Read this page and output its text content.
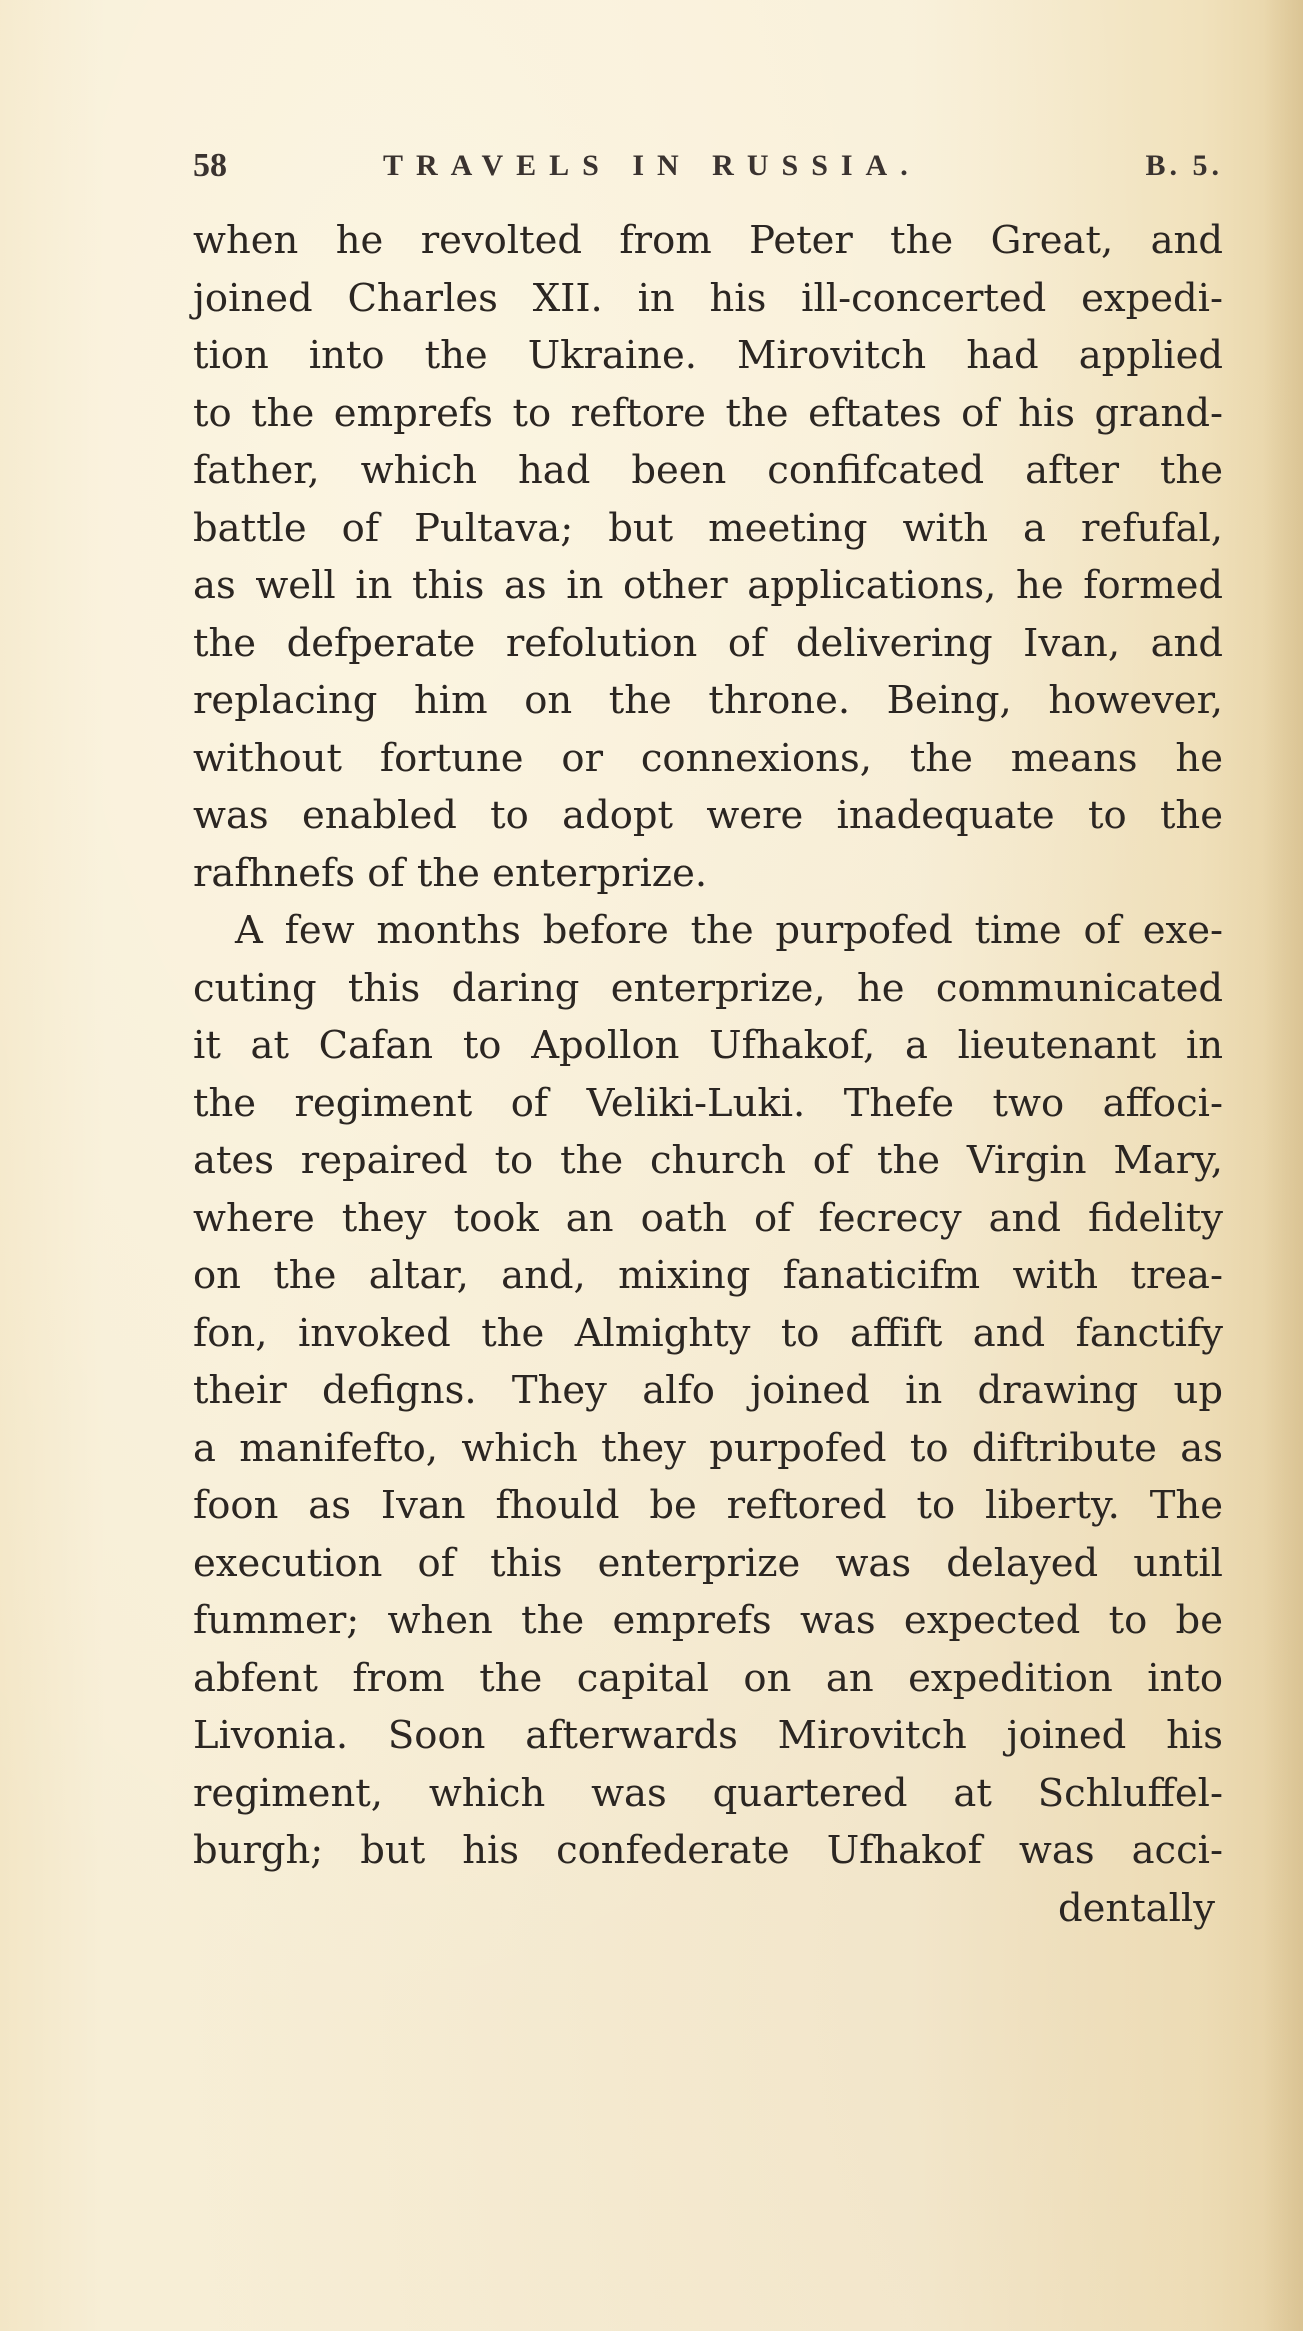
58	TRAVELS IN RUSSIA.	B. 5.
when he revolted from Peter the Great, and
joined Charles XII. in his ill-concerted expedi-
tion into the Ukraine. Mirovitch had applied
to the emprefs to reftore the eftates of his grand-
father, which had been confifcated after the
battle of Pultava; but meeting with a refufal,
as well in this as in other applications, he formed
the defperate refolution of delivering Ivan, and
replacing him on the throne. Being, however,
without fortune or connexions, the means he
was enabled to adopt were inadequate to the
rafhnefs of the enterprize.
A few months before the purpofed time of exe-
cuting this daring enterprize, he communicated
it at Cafan to Apollon Ufhakof, a lieutenant in
the regiment of Veliki-Luki. Thefe two affoci-
ates repaired to the church of the Virgin Mary,
where they took an oath of fecrecy and fidelity
on the altar, and, mixing fanaticifm with trea-
fon, invoked the Almighty to affift and fanctify
their defigns. They alfo joined in drawing up
a manifefto, which they purpofed to diftribute as
foon as Ivan fhould be reftored to liberty. The
execution of this enterprize was delayed until
fummer; when the emprefs was expected to be
abfent from the capital on an expedition into
Livonia. Soon afterwards Mirovitch joined his
regiment, which was quartered at Schluffel-
burgh; but his confederate Ufhakof was acci-
dentally
